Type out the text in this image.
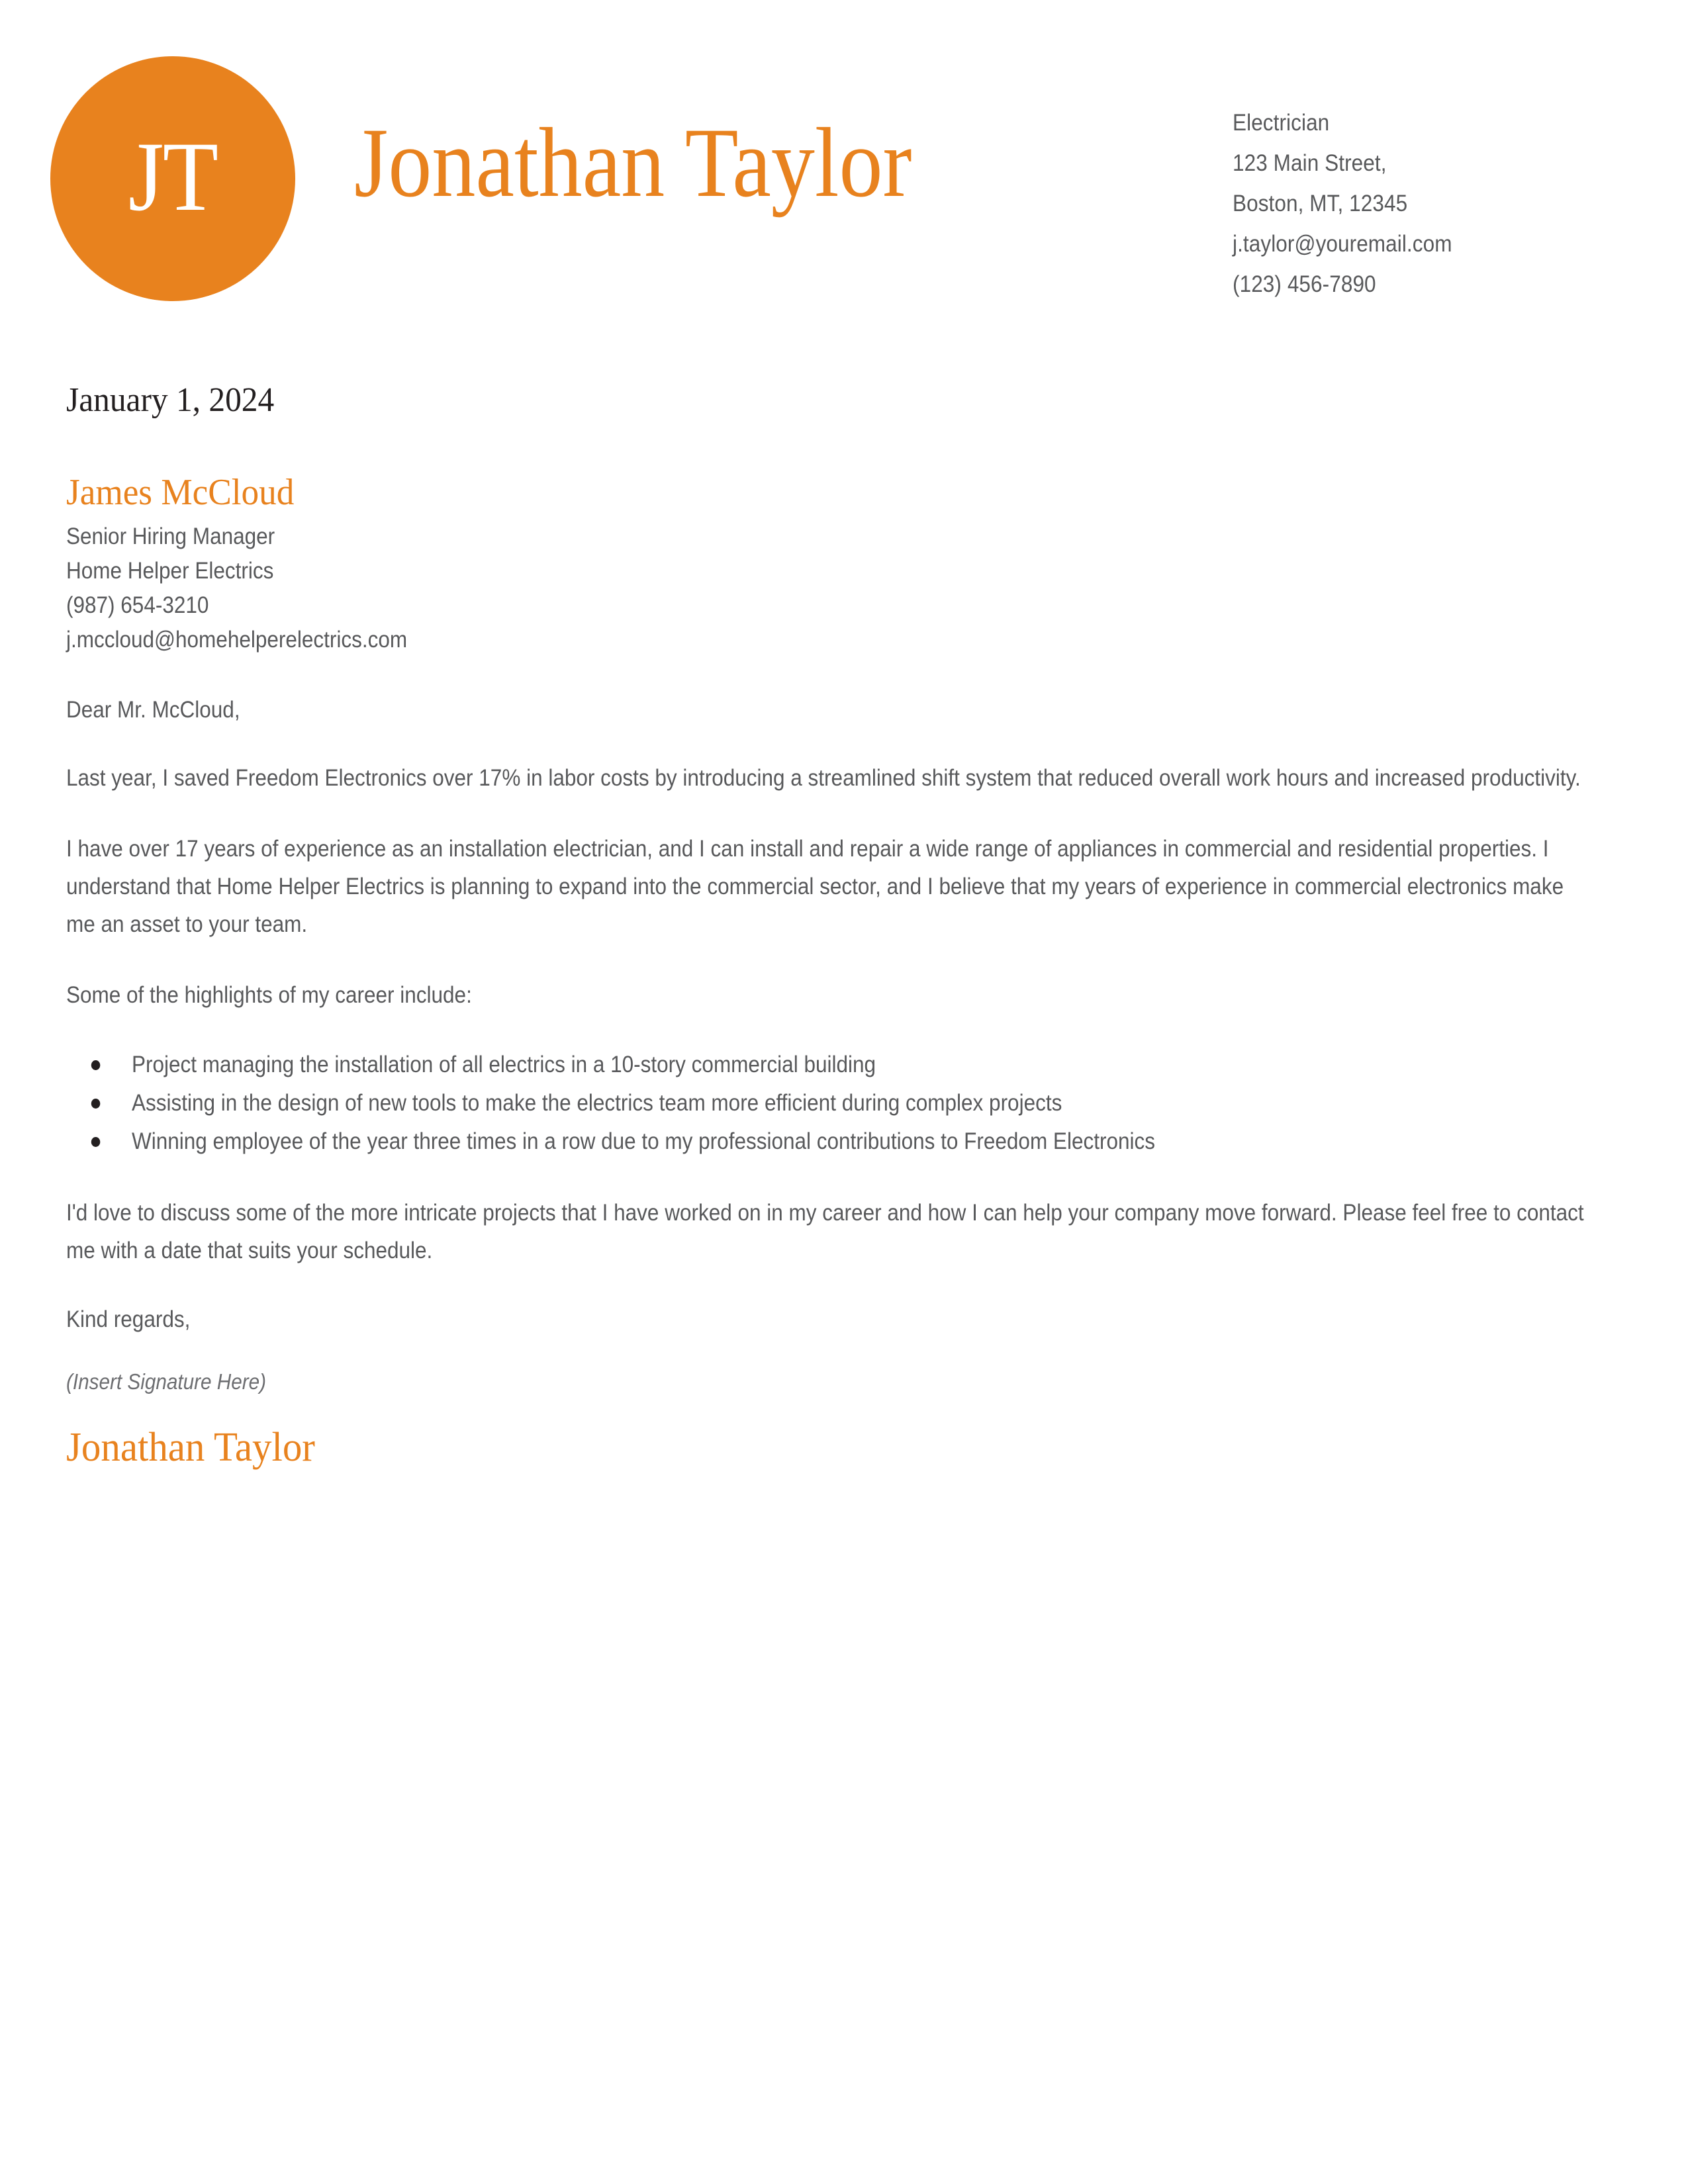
JT Jonathan Taylor	Electrician
123 Main Street,
Boston, MT, 12345
j.taylor@youremail.com
(123) 456-7890
January 1, 2024
James McCloud
Senior Hiring Manager
Home Helper Electrics
(987) 654-3210
j.mccloud@homehelperelectrics.com
Dear Mr. McCloud,

Last year, I saved Freedom Electronics over 17% in labor costs by introducing a streamlined shift system that reduced overall work hours and increased productivity.

I have over 17 years of experience as an installation electrician, and I can install and repair a wide range of appliances in commercial and residential properties. I understand that Home Helper Electrics is planning to expand into the commercial sector, and I believe that my years of experience in commercial electronics make me an asset to your team.

Some of the highlights of my career include:

Project managing the installation of all electrics in a 10-story commercial building
Assisting in the design of new tools to make the electrics team more efficient during complex projects
Winning employee of the year three times in a row due to my professional contributions to Freedom Electronics

I'd love to discuss some of the more intricate projects that I have worked on in my career and how I can help your company move forward. Please feel free to contact me with a date that suits your schedule.

Kind regards,
(Insert Signature Here)
Jonathan Taylor
